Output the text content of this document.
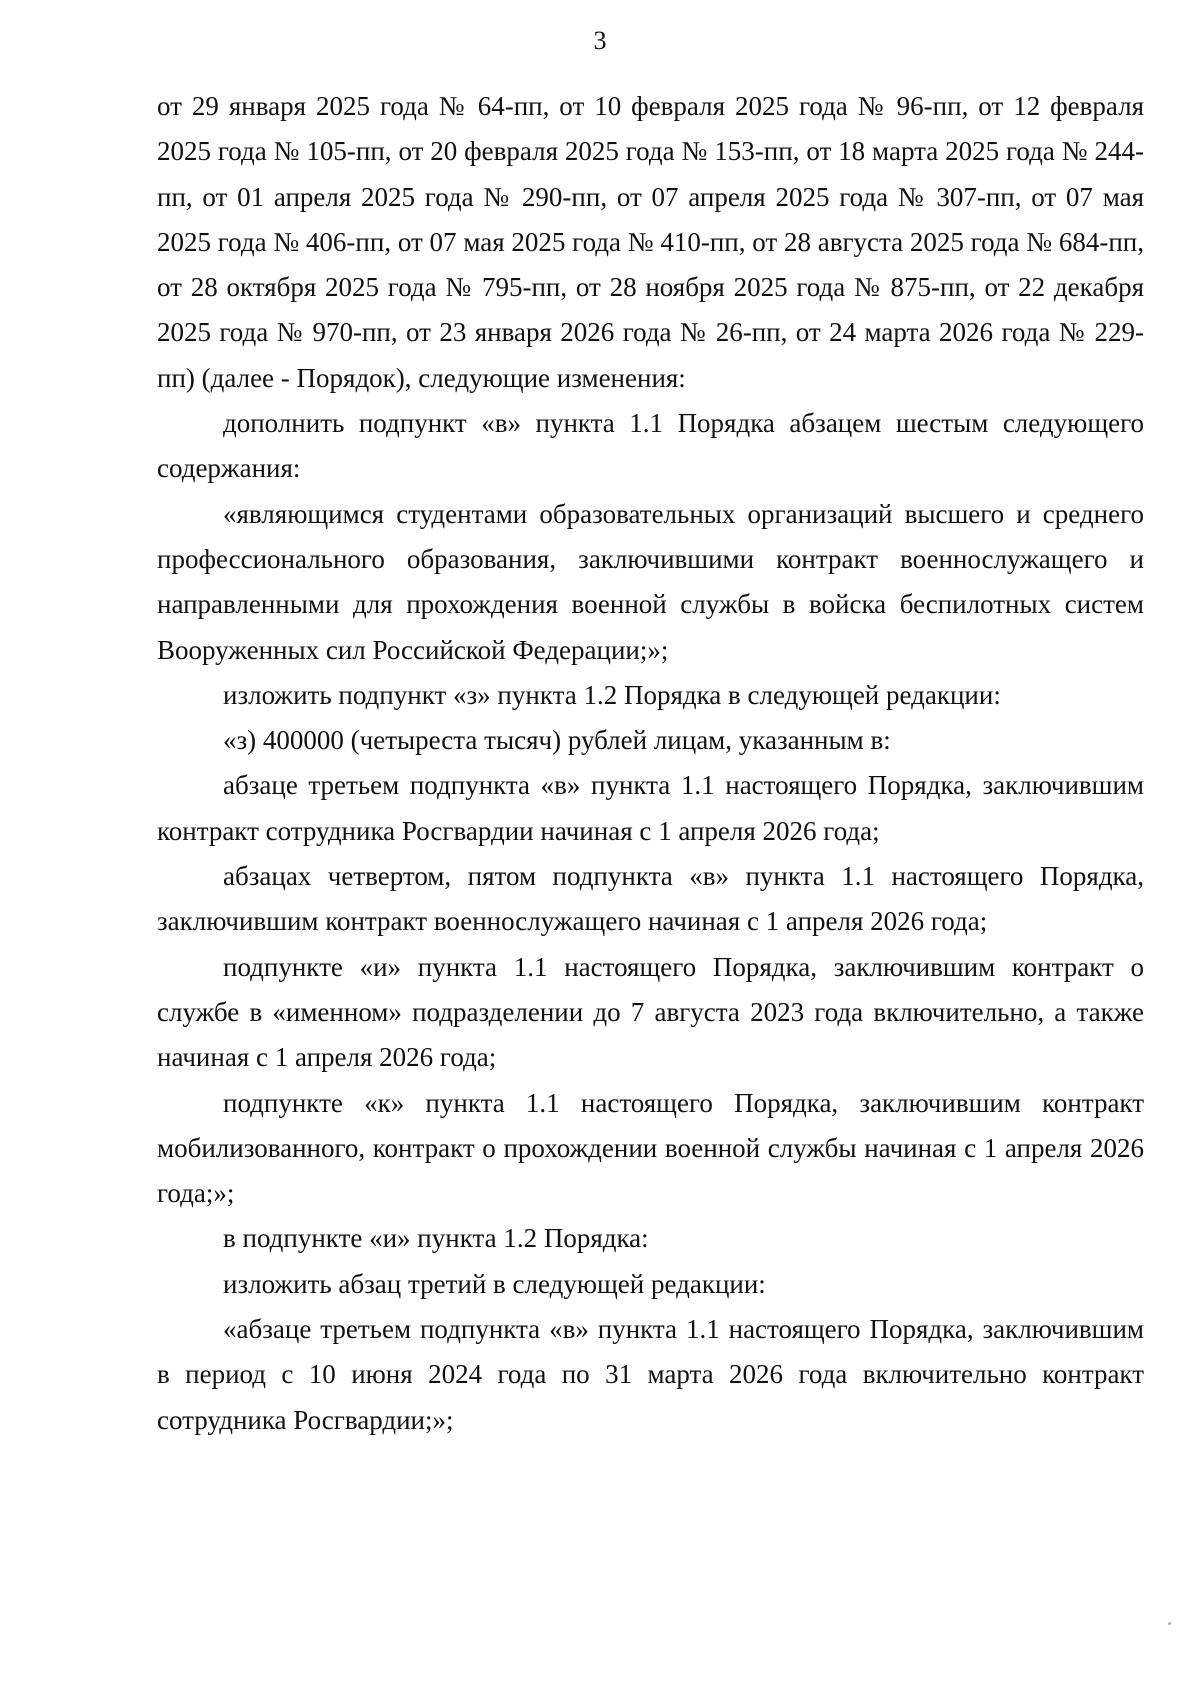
3

от 29 января 2025 года № 64-пп, от 10 февраля 2025 года № 96-пп, от 12 февраля 2025 года № 105-пп, от 20 февраля 2025 года № 153-пп, от 18 марта 2025 года № 244-пп, от 01 апреля 2025 года № 290-пп, от 07 апреля 2025 года № 307-пп, от 07 мая 2025 года № 406-пп, от 07 мая 2025 года № 410-пп, от 28 августа 2025 года № 684-пп, от 28 октября 2025 года № 795-пп, от 28 ноября 2025 года № 875-пп, от 22 декабря 2025 года № 970-пп, от 23 января 2026 года № 26-пп, от 24 марта 2026 года № 229-пп) (далее - Порядок), следующие изменения:

дополнить подпункт «в» пункта 1.1 Порядка абзацем шестым следующего содержания:

«являющимся студентами образовательных организаций высшего и среднего профессионального образования, заключившими контракт военнослужащего и направленными для прохождения военной службы в войска беспилотных систем Вооруженных сил Российской Федерации;»;

изложить подпункт «з» пункта 1.2 Порядка в следующей редакции:

«з) 400000 (четыреста тысяч) рублей лицам, указанным в:

абзаце третьем подпункта «в» пункта 1.1 настоящего Порядка, заключившим контракт сотрудника Росгвардии начиная с 1 апреля 2026 года;

абзацах четвертом, пятом подпункта «в» пункта 1.1 настоящего Порядка, заключившим контракт военнослужащего начиная с 1 апреля 2026 года;

подпункте «и» пункта 1.1 настоящего Порядка, заключившим контракт о службе в «именном» подразделении до 7 августа 2023 года включительно, а также начиная с 1 апреля 2026 года;

подпункте «к» пункта 1.1 настоящего Порядка, заключившим контракт мобилизованного, контракт о прохождении военной службы начиная с 1 апреля 2026 года;»;

в подпункте «и» пункта 1.2 Порядка:

изложить абзац третий в следующей редакции:

«абзаце третьем подпункта «в» пункта 1.1 настоящего Порядка, заключившим в период с 10 июня 2024 года по 31 марта 2026 года включительно контракт сотрудника Росгвардии;»;
